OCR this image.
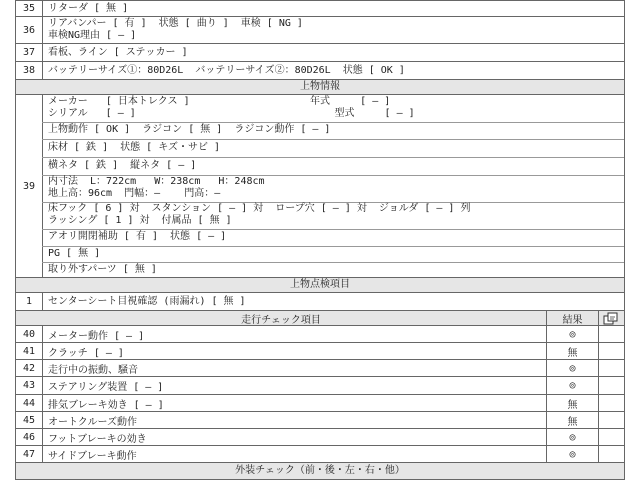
35	リターダ [ 無 ]
36
リアバンパー [ 有 ]  状態 [ 曲り ]  車検 [ NG ]
車検NG理由 [ — ]
37	看板、ライン [ ステッカー ]
38	バッテリーサイズ①：80D26L  バッテリーサイズ②：80D26L  状態 [ OK ]
上物情報
39
メーカー   [ 日本トレクス ]                    年式     [ — ]
シリアル   [ — ]                                 型式     [ — ]
上物動作 [ OK ]  ラジコン [ 無 ]  ラジコン動作 [ — ]
床材 [ 鉄 ]  状態 [ キズ・サビ ]
横ネタ [ 鉄 ]  縦ネタ [ — ]
内寸法  L：722cm   W：238cm   H：248cm
地上高：96cm  門幅：—    門高：—
床フック [ 6 ] 対  スタンション [ — ] 対  ロープ穴 [ — ] 対  ジョルダ [ — ] 列
ラッシング [ 1 ] 対  付属品 [ 無 ]
アオリ開閉補助 [ 有 ]  状態 [ — ]
PG [ 無 ]
取り外すパーツ [ 無 ]
上物点検項目
1	センターシート目視確認 (雨漏れ) [ 無 ]
走行チェック項目	結果
40	メーター動作 [ — ]	◎
41	クラッチ [ — ]	無
42	走行中の振動、騒音	◎
43	ステアリング装置 [ — ]	◎
44	排気ブレーキ効き [ — ]	無
45	オートクルーズ動作	無
46	フットブレーキの効き	◎
47	サイドブレーキ動作	◎
外装チェック（前・後・左・右・他）
